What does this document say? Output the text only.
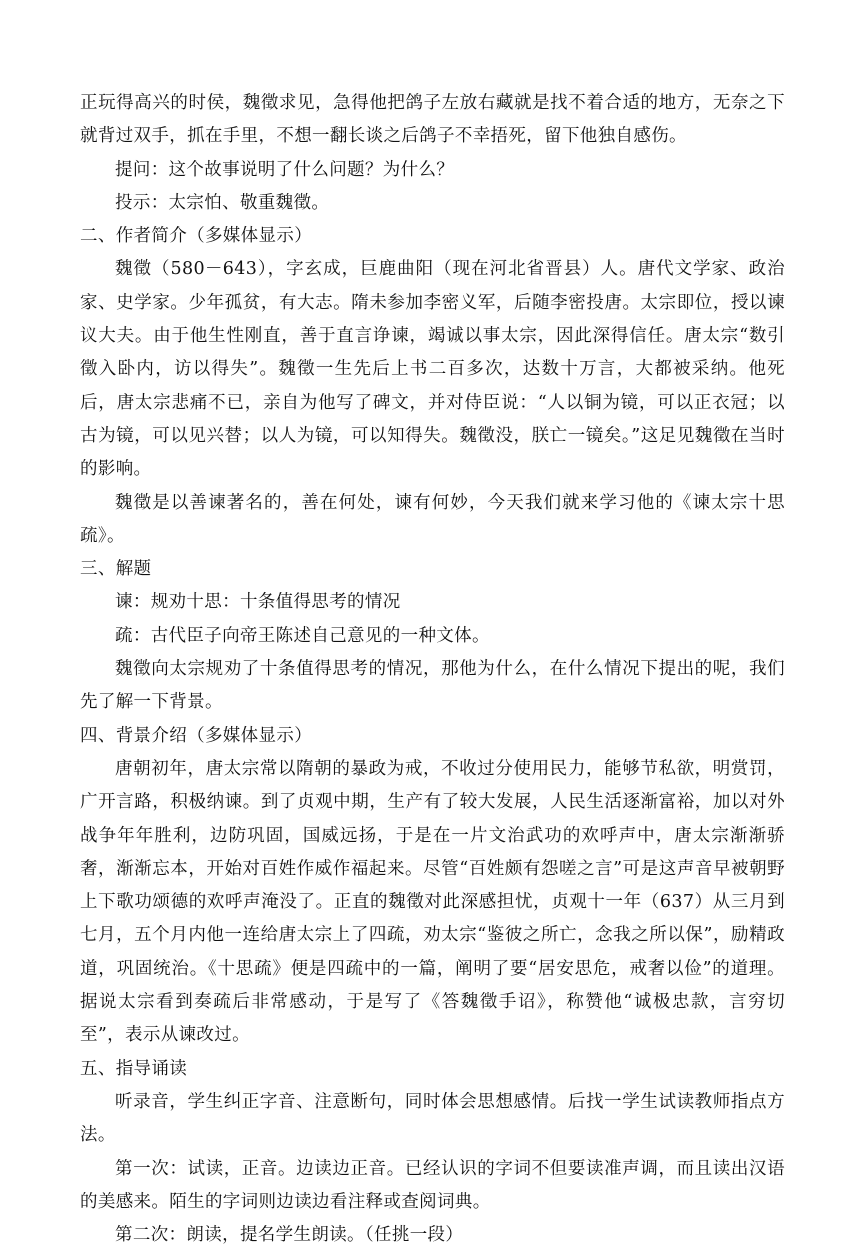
正玩得高兴的时侯，魏徵求见，急得他把鸽子左放右藏就是找不着合适的地方，无奈之下就背过双手，抓在手里，不想一翻长谈之后鸽子不幸捂死，留下他独自感伤。

提问：这个故事说明了什么问题？为什么？

投示：太宗怕、敬重魏徵。

二、作者简介（多媒体显示）

魏徵（580－643），字玄成，巨鹿曲阳（现在河北省晋县）人。唐代文学家、政治家、史学家。少年孤贫，有大志。隋未参加李密义军，后随李密投唐。太宗即位，授以谏议大夫。由于他生性刚直，善于直言诤谏，竭诚以事太宗，因此深得信任。唐太宗“数引徵入卧内，访以得失”。魏徵一生先后上书二百多次，达数十万言，大都被采纳。他死后，唐太宗悲痛不已，亲自为他写了碑文，并对侍臣说：“人以铜为镜，可以正衣冠；以古为镜，可以见兴替；以人为镜，可以知得失。魏徵没，朕亡一镜矣。”这足见魏徵在当时的影响。

魏徵是以善谏著名的，善在何处，谏有何妙，今天我们就来学习他的《谏太宗十思疏》。

三、解题

谏：规劝十思：十条值得思考的情况

疏：古代臣子向帝王陈述自己意见的一种文体。

魏徵向太宗规劝了十条值得思考的情况，那他为什么，在什么情况下提出的呢，我们先了解一下背景。

四、背景介绍（多媒体显示）

唐朝初年，唐太宗常以隋朝的暴政为戒，不收过分使用民力，能够节私欲，明赏罚，广开言路，积极纳谏。到了贞观中期，生产有了较大发展，人民生活逐渐富裕，加以对外战争年年胜利，边防巩固，国威远扬，于是在一片文治武功的欢呼声中，唐太宗渐渐骄奢，渐渐忘本，开始对百姓作威作福起来。尽管“百姓颇有怨嗟之言”可是这声音早被朝野上下歌功颂德的欢呼声淹没了。正直的魏徵对此深感担忧，贞观十一年（637）从三月到七月，五个月内他一连给唐太宗上了四疏，劝太宗“鉴彼之所亡，念我之所以保”，励精政道，巩固统治。《十思疏》便是四疏中的一篇，阐明了要“居安思危，戒奢以俭”的道理。据说太宗看到奏疏后非常感动，于是写了《答魏徵手诏》，称赞他“诚极忠款，言穷切至”，表示从谏改过。

五、指导诵读

听录音，学生纠正字音、注意断句，同时体会思想感情。后找一学生试读教师指点方法。

第一次：试读，正音。边读边正音。已经认识的字词不但要读准声调，而且读出汉语的美感来。陌生的字词则边读边看注释或查阅词典。

第二次：朗读，提名学生朗读。（任挑一段）
